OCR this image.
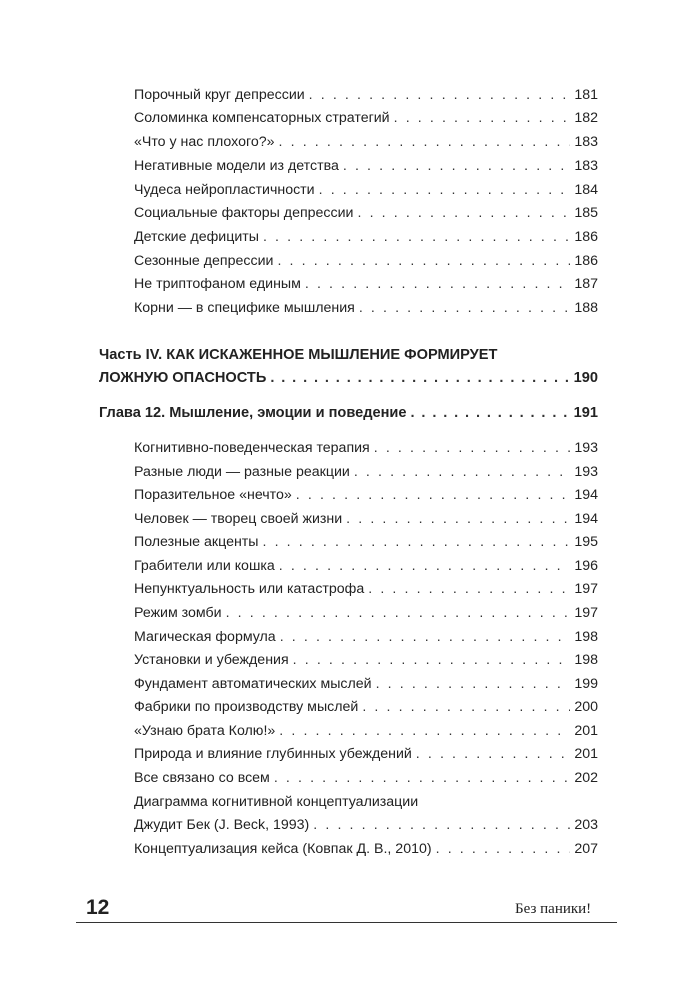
Порочный круг депрессии . . .	181
Соломинка компенсаторных стратегий . . .	182
«Что у нас плохого?» . . .	183
Негативные модели из детства . . .	183
Чудеса нейропластичности . . .	184
Социальные факторы депрессии . . .	185
Детские дефициты . . .	186
Сезонные депрессии . . .	186
Не триптофаном единым . . .	187
Корни — в специфике мышления . . .	188
Часть IV. КАК ИСКАЖЕННОЕ МЫШЛЕНИЕ ФОРМИРУЕТ
ЛОЖНУЮ ОПАСНОСТЬ . . .	190
Глава 12. Мышление, эмоции и поведение . . .	191
Когнитивно-поведенческая терапия . . .	193
Разные люди — разные реакции . . .	193
Поразительное «нечто» . . .	194
Человек — творец своей жизни . . .	194
Полезные акценты . . .	195
Грабители или кошка . . .	196
Непунктуальность или катастрофа . . .	197
Режим зомби . . .	197
Магическая формула . . .	198
Установки и убеждения . . .	198
Фундамент автоматических мыслей . . .	199
Фабрики по производству мыслей . . .	200
«Узнаю брата Колю!» . . .	201
Природа и влияние глубинных убеждений . . .	201
Все связано со всем . . .	202
Диаграмма когнитивной концептуализации
Джудит Бек (J. Beck, 1993) . . .	203
Концептуализация кейса (Ковпак Д. В., 2010) . . .	207
12	Без паники!
